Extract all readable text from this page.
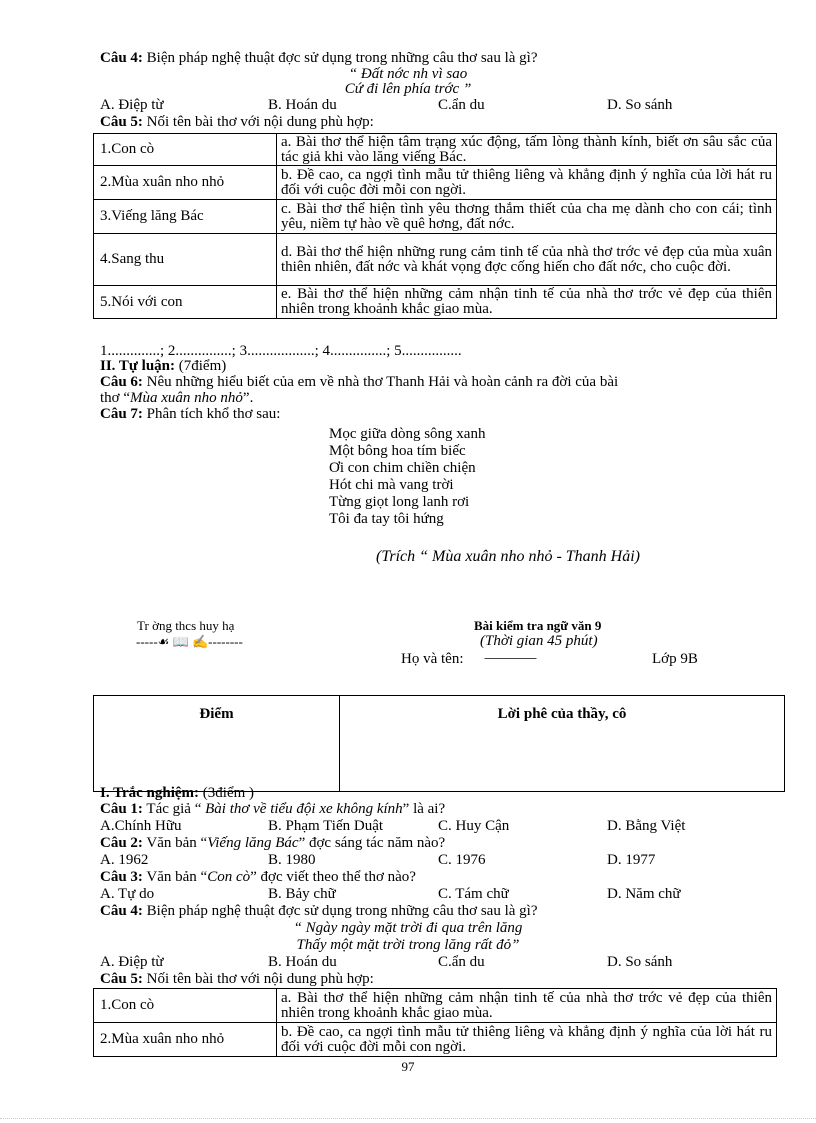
Câu 4: Biện pháp nghệ thuật đợc sử dụng trong những câu thơ sau là gì?
“ Đất nớc nh vì sao
Cứ đi lên phía trớc ”
A. Điệp từ	B. Hoán du	C.ẩn du	D. So sánh
Câu 5: Nối tên bài thơ với nội dung phù hợp:
1.Con cò	a. Bài thơ thể hiện tâm trạng xúc động, tấm lòng thành kính, biết ơn sâu sắc của tác giả khi vào lăng viếng Bác.
2.Mùa xuân nho nhỏ	b. Đề cao, ca ngợi tình mẫu tử thiêng liêng và khẳng định ý nghĩa của lời hát ru đối với cuộc đời mỗi con ngời.
3.Viếng lăng Bác	c. Bài thơ thể hiện tình yêu thơng thắm thiết của cha mẹ dành cho con cái; tình yêu, niềm tự hào về quê hơng, đất nớc.
4.Sang thu	d. Bài thơ thể hiện những rung cảm tinh tế của nhà thơ trớc vẻ đẹp của mùa xuân thiên nhiên, đất nớc và khát vọng đợc cống hiến cho đất nớc, cho cuộc đời.
5.Nói với con	e. Bài thơ thể hiện những cảm nhận tinh tế của nhà thơ trớc vẻ đẹp của thiên nhiên trong khoảnh khắc giao mùa.
1..............; 2...............; 3..................; 4...............; 5................
II. Tự luận: (7điểm)
Câu 6: Nêu những hiểu biết của em về nhà thơ Thanh Hải và hoàn cảnh ra đời của bài
thơ “Mùa xuân nho nhỏ”.
Câu 7: Phân tích khổ thơ sau:
Mọc giữa dòng sông xanh
Một bông hoa tím biếc
Ơi con chim chiền chiện
Hót chi mà vang trời
Từng giọt long lanh rơi
Tôi đa tay tôi hứng
(Trích “ Mùa xuân nho nhỏ - Thanh Hải)
Tr ờng thcs huy hạ
-----☙ 📖 ✍--------
Bài kiểm tra ngữ văn 9
(Thời gian 45 phút)
Họ và tên:	....................................................	Lớp 9B
Điểm	Lời phê của thầy, cô
I. Trắc nghiệm: (3điểm )
Câu 1: Tác giả “ Bài thơ về tiểu đội xe không kính” là ai?
A.Chính Hữu	B. Phạm Tiến Duật	C. Huy Cận	D. Bằng Việt
Câu 2: Văn bản “Viếng lăng Bác” đợc sáng tác năm nào?
A. 1962	B. 1980	C. 1976	D. 1977
Câu 3: Văn bản “Con cò” đợc viết theo thể thơ nào?
A. Tự do	B. Bảy chữ	C. Tám chữ	D. Năm chữ
Câu 4: Biện pháp nghệ thuật đợc sử dụng trong những câu thơ sau là gì?
“ Ngày ngày mặt trời đi qua trên lăng
Thấy một mặt trời trong lăng rất đỏ”
A. Điệp từ	B. Hoán du	C.ẩn du	D. So sánh
Câu 5: Nối tên bài thơ với nội dung phù hợp:
1.Con cò	a. Bài thơ thể hiện những cảm nhận tinh tế của nhà thơ trớc vẻ đẹp của thiên nhiên trong khoảnh khắc giao mùa.
2.Mùa xuân nho nhỏ	b. Đề cao, ca ngợi tình mẫu tử thiêng liêng và khẳng định ý nghĩa của lời hát ru đối với cuộc đời mỗi con ngời.
97
